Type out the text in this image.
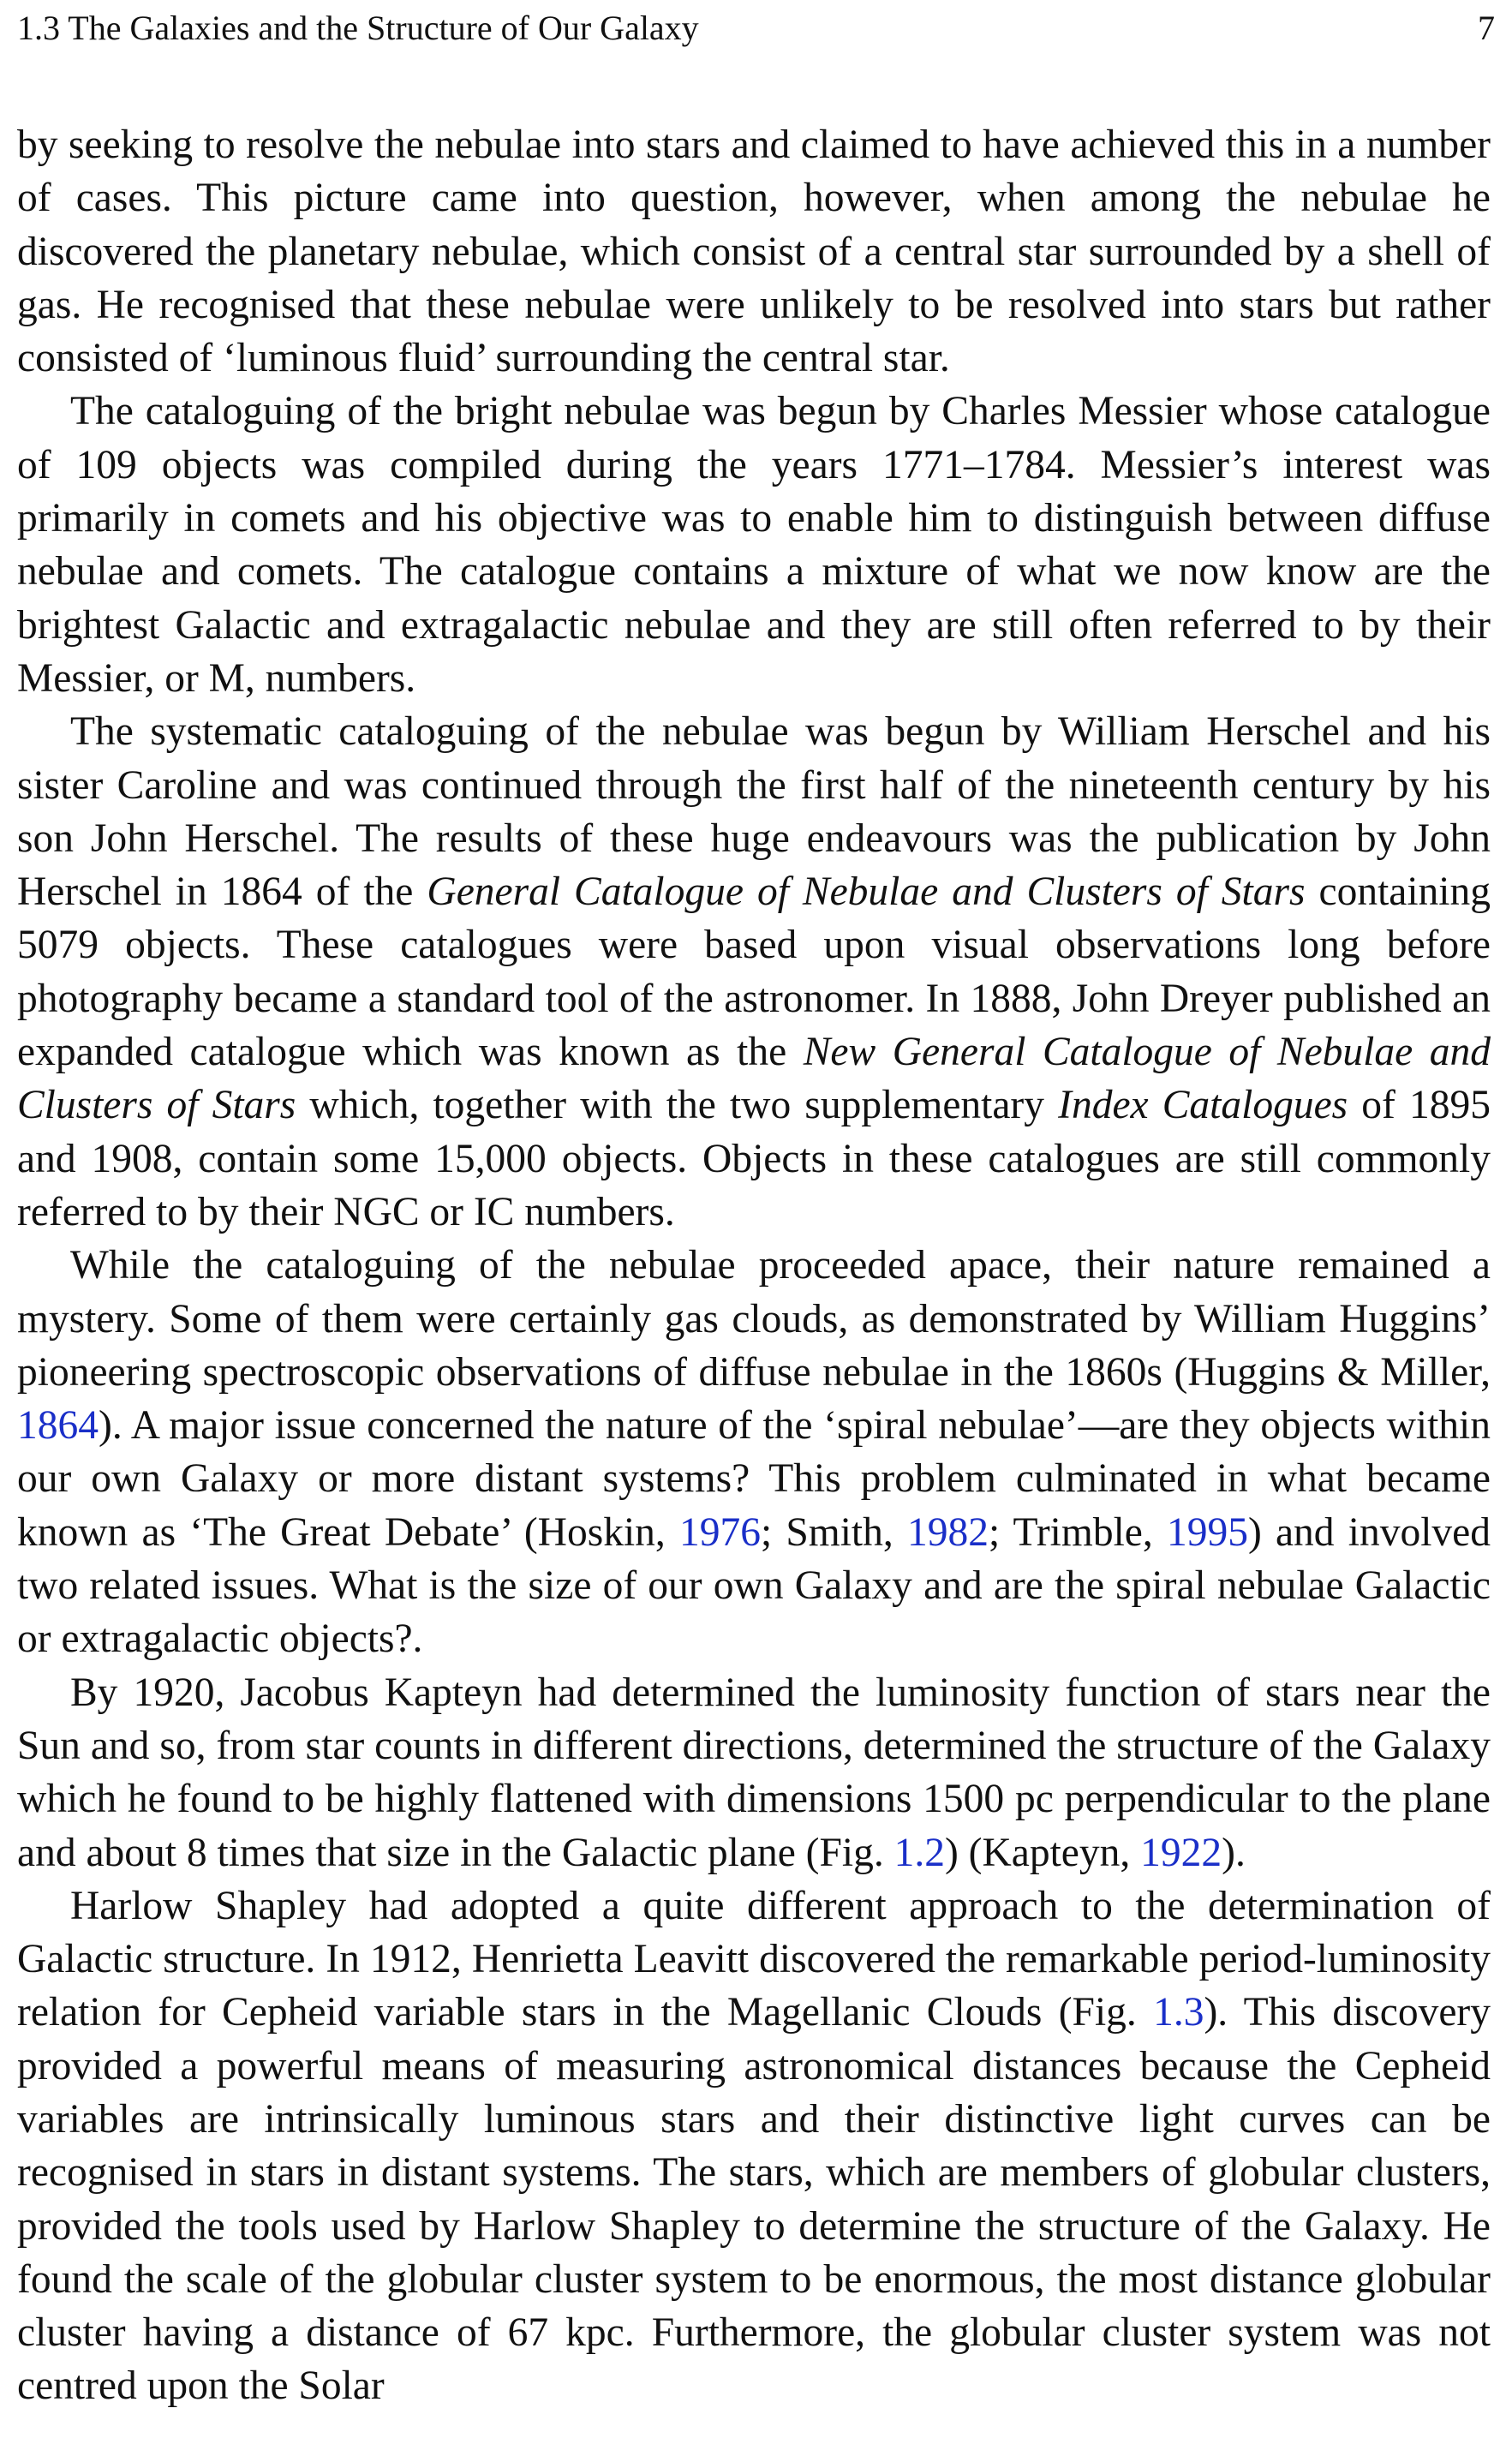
1.3 The Galaxies and the Structure of Our Galaxy	7

by seeking to resolve the nebulae into stars and claimed to have achieved this in a number of cases. This picture came into question, however, when among the nebulae he discovered the planetary nebulae, which consist of a central star surrounded by a shell of gas. He recognised that these nebulae were unlikely to be resolved into stars but rather consisted of ‘luminous fluid’ surrounding the central star.

The cataloguing of the bright nebulae was begun by Charles Messier whose catalogue of 109 objects was compiled during the years 1771–1784. Messier’s interest was primarily in comets and his objective was to enable him to distinguish between diffuse nebulae and comets. The catalogue contains a mixture of what we now know are the brightest Galactic and extragalactic nebulae and they are still often referred to by their Messier, or M, numbers.

The systematic cataloguing of the nebulae was begun by William Herschel and his sister Caroline and was continued through the first half of the nineteenth century by his son John Herschel. The results of these huge endeavours was the publication by John Herschel in 1864 of the General Catalogue of Nebulae and Clusters of Stars containing 5079 objects. These catalogues were based upon visual observations long before photography became a standard tool of the astronomer. In 1888, John Dreyer published an expanded catalogue which was known as the New General Catalogue of Nebulae and Clusters of Stars which, together with the two supplementary Index Catalogues of 1895 and 1908, contain some 15,000 objects. Objects in these catalogues are still commonly referred to by their NGC or IC numbers.

While the cataloguing of the nebulae proceeded apace, their nature remained a mystery. Some of them were certainly gas clouds, as demonstrated by William Huggins’ pioneering spectroscopic observations of diffuse nebulae in the 1860s (Huggins & Miller, 1864). A major issue concerned the nature of the ‘spiral nebulae’—are they objects within our own Galaxy or more distant systems? This problem culminated in what became known as ‘The Great Debate’ (Hoskin, 1976; Smith, 1982; Trimble, 1995) and involved two related issues. What is the size of our own Galaxy and are the spiral nebulae Galactic or extragalactic objects?.

By 1920, Jacobus Kapteyn had determined the luminosity function of stars near the Sun and so, from star counts in different directions, determined the structure of the Galaxy which he found to be highly flattened with dimensions 1500 pc perpendicular to the plane and about 8 times that size in the Galactic plane (Fig. 1.2) (Kapteyn, 1922).

Harlow Shapley had adopted a quite different approach to the determination of Galactic structure. In 1912, Henrietta Leavitt discovered the remarkable period-luminosity relation for Cepheid variable stars in the Magellanic Clouds (Fig. 1.3). This discovery provided a powerful means of measuring astronomical distances because the Cepheid variables are intrinsically luminous stars and their distinctive light curves can be recognised in stars in distant systems. The stars, which are members of globular clusters, provided the tools used by Harlow Shapley to determine the structure of the Galaxy. He found the scale of the globular cluster system to be enormous, the most distance globular cluster having a distance of 67 kpc. Furthermore, the globular cluster system was not centred upon the Solar
